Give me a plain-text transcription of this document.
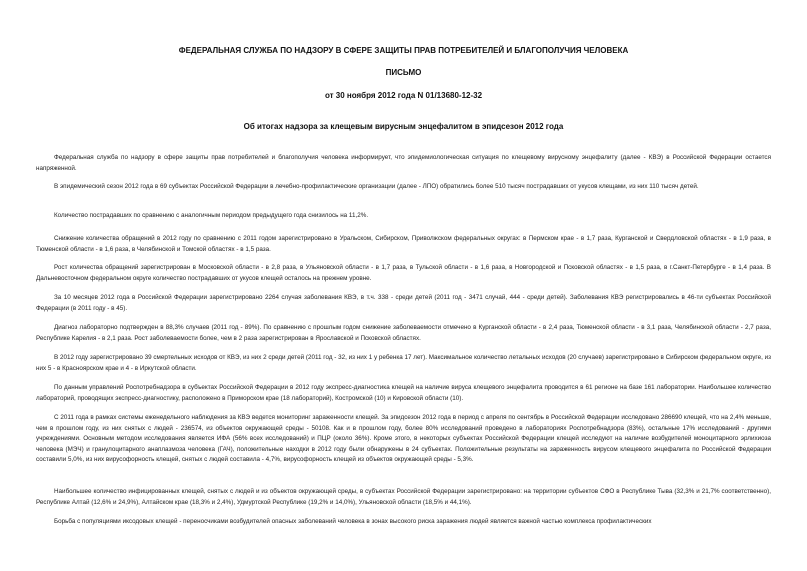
ФЕДЕРАЛЬНАЯ СЛУЖБА ПО НАДЗОРУ В СФЕРЕ ЗАЩИТЫ ПРАВ ПОТРЕБИТЕЛЕЙ И БЛАГОПОЛУЧИЯ ЧЕЛОВЕКА
ПИСЬМО
от 30 ноября 2012 года N 01/13680-12-32
Об итогах надзора за клещевым вирусным энцефалитом в эпидсезон 2012 года

Федеральная служба по надзору в сфере защиты прав потребителей и благополучия человека информирует, что эпидемиологическая ситуация по клещевому вирусному энцефалиту (далее - КВЭ) в Российской Федерации остается напряженной.

В эпидемический сезон 2012 года в 69 субъектах Российской Федерации в лечебно-профилактические организации (далее - ЛПО) обратились более 510 тысяч пострадавших от укусов клещами, из них 110 тысяч детей.

Количество пострадавших по сравнению с аналогичным периодом предыдущего года снизилось на 11,2%.

Снижение количества обращений в 2012 году по сравнению с 2011 годом зарегистрировано в Уральском, Сибирском, Приволжском федеральных округах: в Пермском крае - в 1,7 раза, Курганской и Свердловской областях - в 1,9 раза, в Тюменской области - в 1,6 раза, в Челябинской и Томской областях - в 1,5 раза.

Рост количества обращений зарегистрирован в Московской области - в 2,8 раза, в Ульяновской области - в 1,7 раза, в Тульской области - в 1,6 раза, в Новгородской и Псковской областях - в 1,5 раза, в г.Санкт-Петербурге - в 1,4 раза. В Дальневосточном федеральном округе количество пострадавших от укусов клещей осталось на прежнем уровне.

За 10 месяцев 2012 года в Российской Федерации зарегистрировано 2264 случая заболевания КВЭ, в т.ч. 338 - среди детей (2011 год - 3471 случай, 444 - среди детей). Заболевания КВЭ регистрировались в 46-ти субъектах Российской Федерации (в 2011 году - в 45).

Диагноз лабораторно подтвержден в 88,3% случаев (2011 год - 89%). По сравнению с прошлым годом снижение заболеваемости отмечено в Курганской области - в 2,4 раза, Тюменской области - в 3,1 раза, Челябинской области - 2,7 раза, Республике Карелия - в 2,1 раза. Рост заболеваемости более, чем в 2 раза зарегистрирован в Ярославской и Псковской областях.

В 2012 году зарегистрировано 39 смертельных исходов от КВЭ, из них 2 среди детей (2011 год - 32, из них 1 у ребенка 17 лет). Максимальное количество летальных исходов (20 случаев) зарегистрировано в Сибирском федеральном округе, из них 5 - в Красноярском крае и 4 - в Иркутской области.

По данным управлений Роспотребнадзора в субъектах Российской Федерации в 2012 году экспресс-диагностика клещей на наличие вируса клещевого энцефалита проводится в 61 регионе на базе 161 лаборатории. Наибольшее количество лабораторий, проводящих экспресс-диагностику, расположено в Приморском крае (18 лабораторий), Костромской (10) и Кировской области (10).

С 2011 года в рамках системы еженедельного наблюдения за КВЭ ведется мониторинг зараженности клещей. За эпидсезон 2012 года в период с апреля по сентябрь в Российской Федерации исследовано 286690 клещей, что на 2,4% меньше, чем в прошлом году, из них снятых с людей - 236574, из объектов окружающей среды - 50108. Как и в прошлом году, более 80% исследований проведено в лабораториях Роспотребнадзора (83%), остальные 17% исследований - другими учреждениями. Основным методом исследования является ИФА (56% всех исследований) и ПЦР (около 36%). Кроме этого, в некоторых субъектах Российской Федерации клещей исследуют на наличие возбудителей моноцитарного эрлихиоза человека (МЭЧ) и гранулоцитарного анаплазмоза человека (ГАЧ), положительные находки в 2012 году были обнаружены в 24 субъектах. Положительные результаты на зараженность вирусом клещевого энцефалита по Российской Федерации составили 5,0%, из них вирусофорность клещей, снятых с людей составила - 4,7%, вирусофорность клещей из объектов окружающей среды - 5,3%.

Наибольшее количество инфицированных клещей, снятых с людей и из объектов окружающей среды, в субъектах Российской Федерации зарегистрировано: на территории субъектов СФО в Республике Тыва (32,3% и 21,7% соответственно), Республике Алтай (12,6% и 24,9%), Алтайском крае (18,3% и 2,4%), Удмуртской Республике (19,2% и 14,0%), Ульяновской области (18,5% и 44,1%).

Борьба с популяциями иксодовых клещей - переносчиками возбудителей опасных заболеваний человека в зонах высокого риска заражения людей является важной частью комплекса профилактических
